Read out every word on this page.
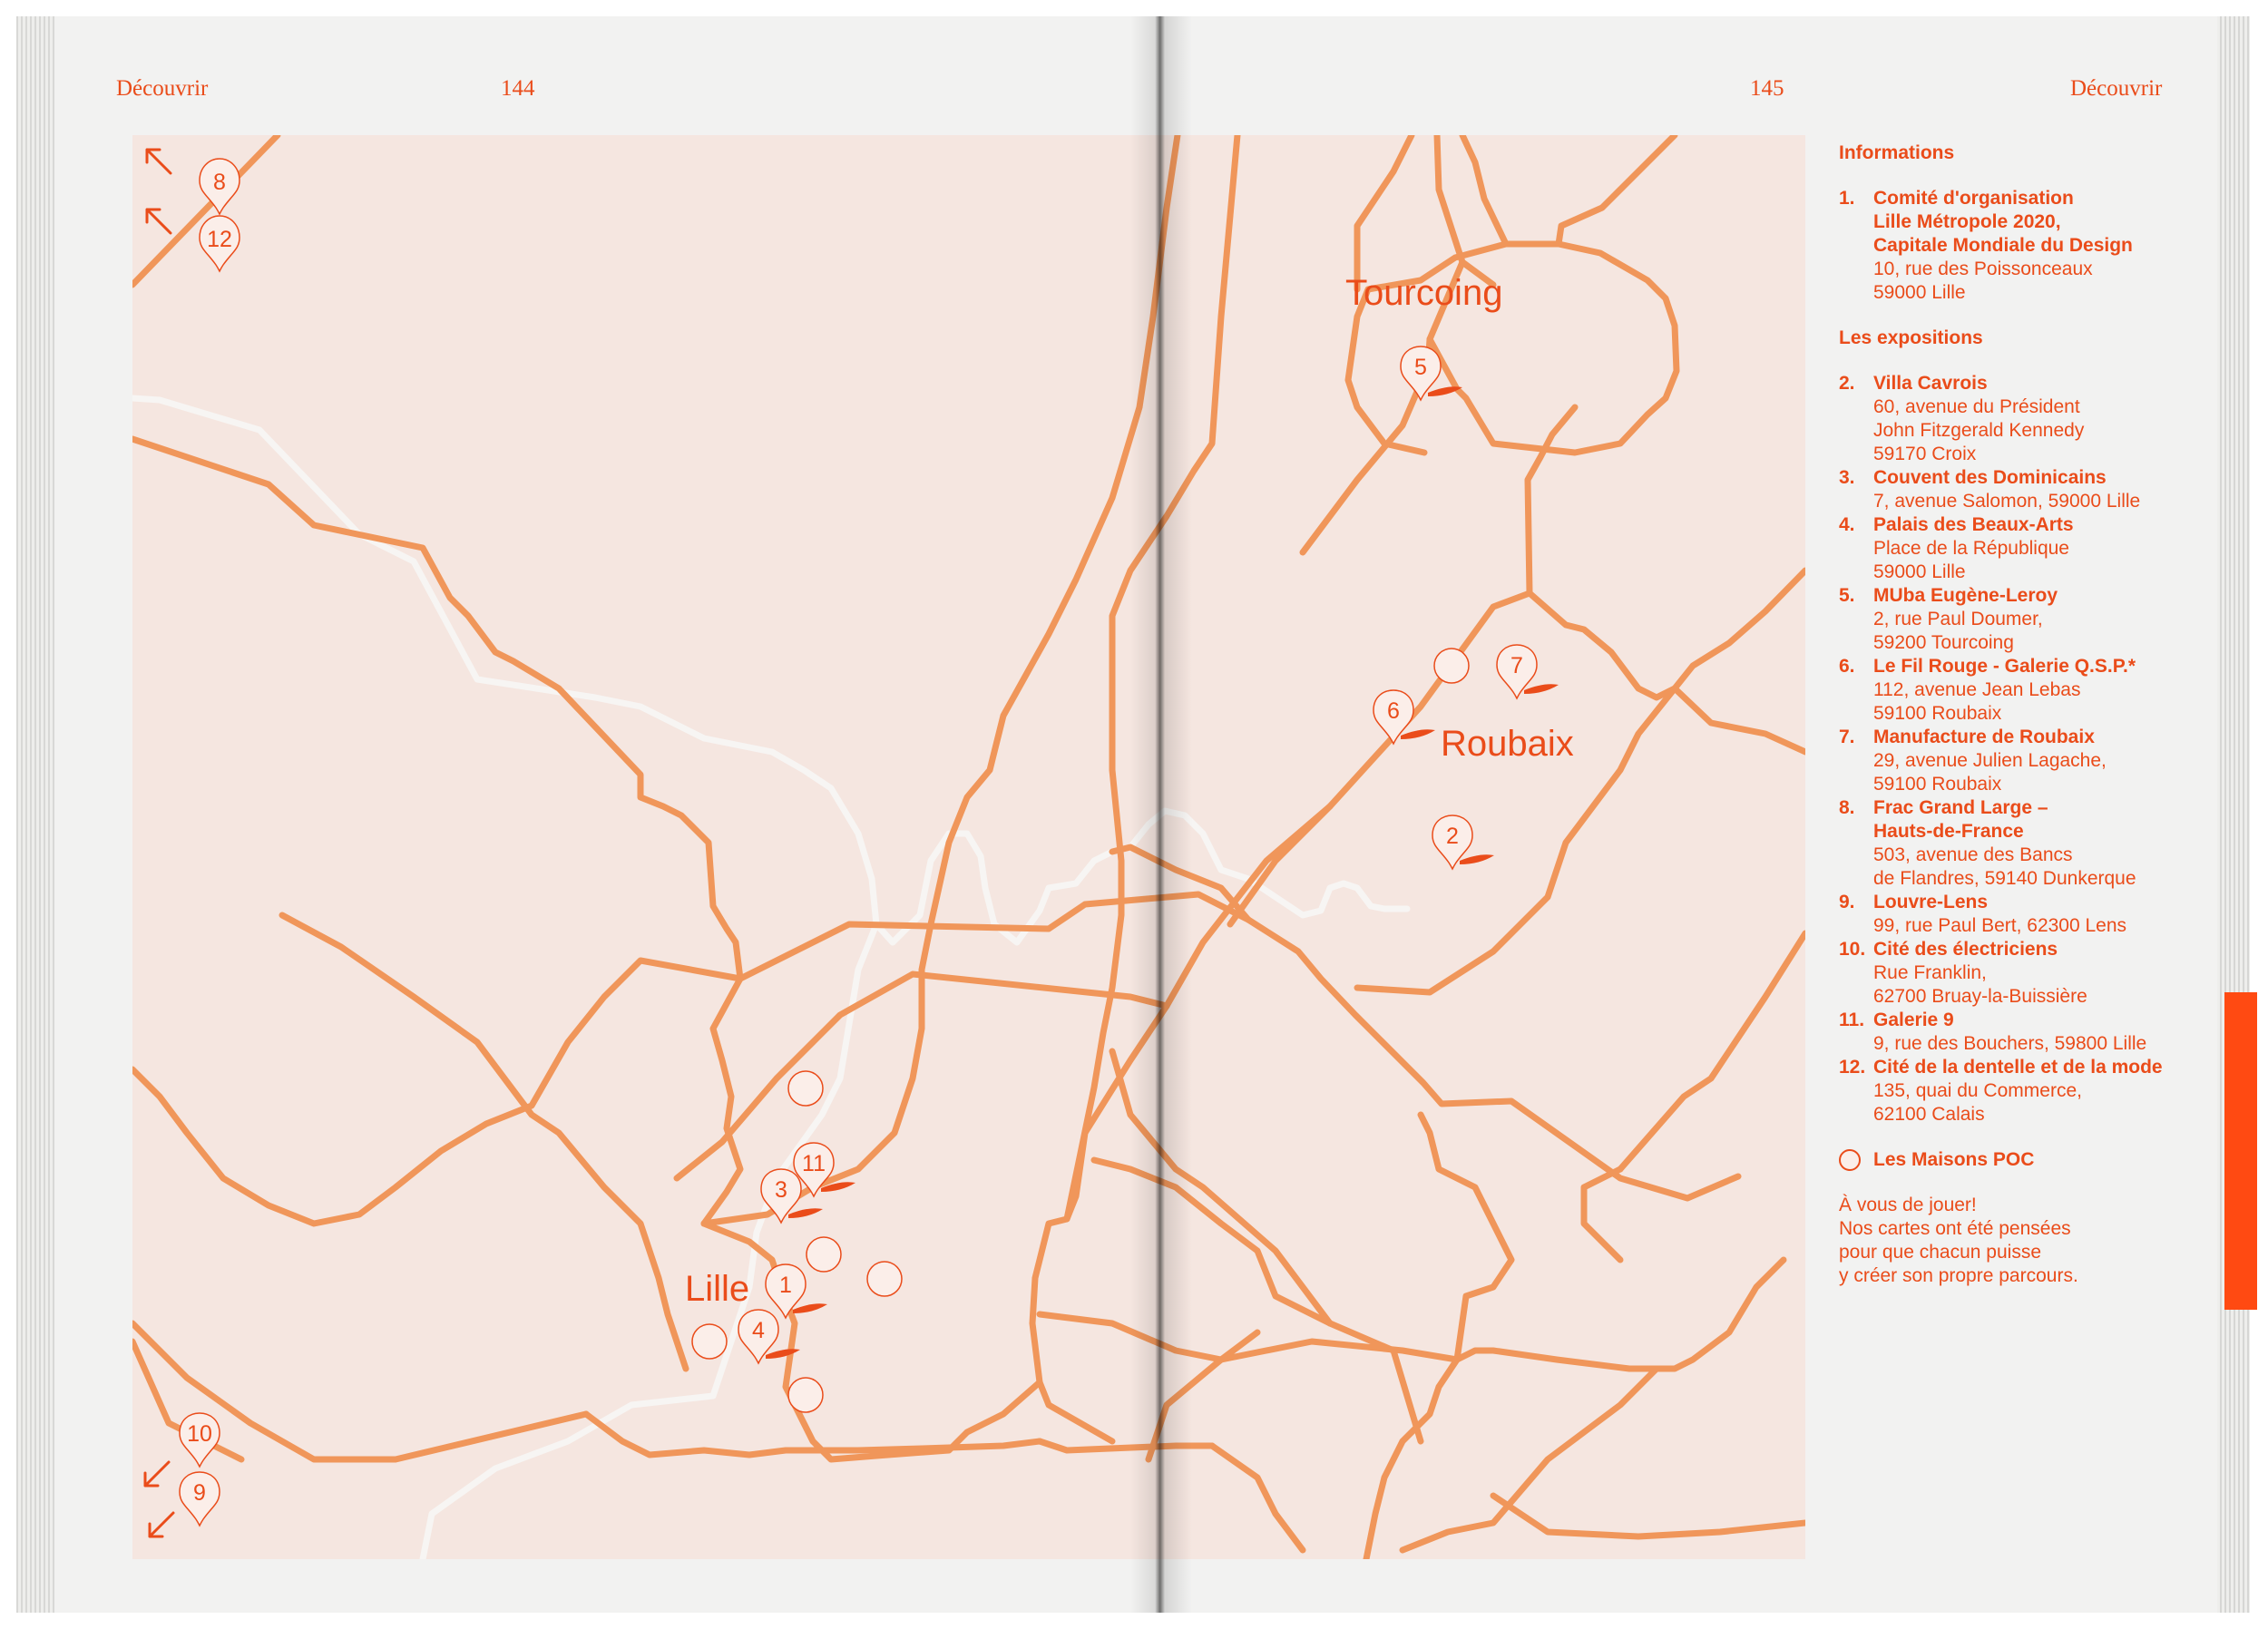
Découvrir	144	145	Découvrir
8
12
5
7
6
2
11
3
1
4
10
9
Tourcoing
Roubaix
Lille
Informations
1. Comité d'organisation
Lille Métropole 2020,
Capitale Mondiale du Design
10, rue des Poissonceaux
59000 Lille
Les expositions
2. Villa Cavrois
60, avenue du Président
John Fitzgerald Kennedy
59170 Croix
3. Couvent des Dominicains
7, avenue Salomon, 59000 Lille
4. Palais des Beaux-Arts
Place de la République
59000 Lille
5. MUba Eugène-Leroy
2, rue Paul Doumer,
59200 Tourcoing
6. Le Fil Rouge - Galerie Q.S.P.*
112, avenue Jean Lebas
59100 Roubaix
7. Manufacture de Roubaix
29, avenue Julien Lagache,
59100 Roubaix
8. Frac Grand Large –
Hauts-de-France
503, avenue des Bancs
de Flandres, 59140 Dunkerque
9. Louvre-Lens
99, rue Paul Bert, 62300 Lens
10. Cité des électriciens
Rue Franklin,
62700 Bruay-la-Buissière
11. Galerie 9
9, rue des Bouchers, 59800 Lille
12. Cité de la dentelle et de la mode
135, quai du Commerce,
62100 Calais
Les Maisons POC
À vous de jouer!
Nos cartes ont été pensées
pour que chacun puisse
y créer son propre parcours.
